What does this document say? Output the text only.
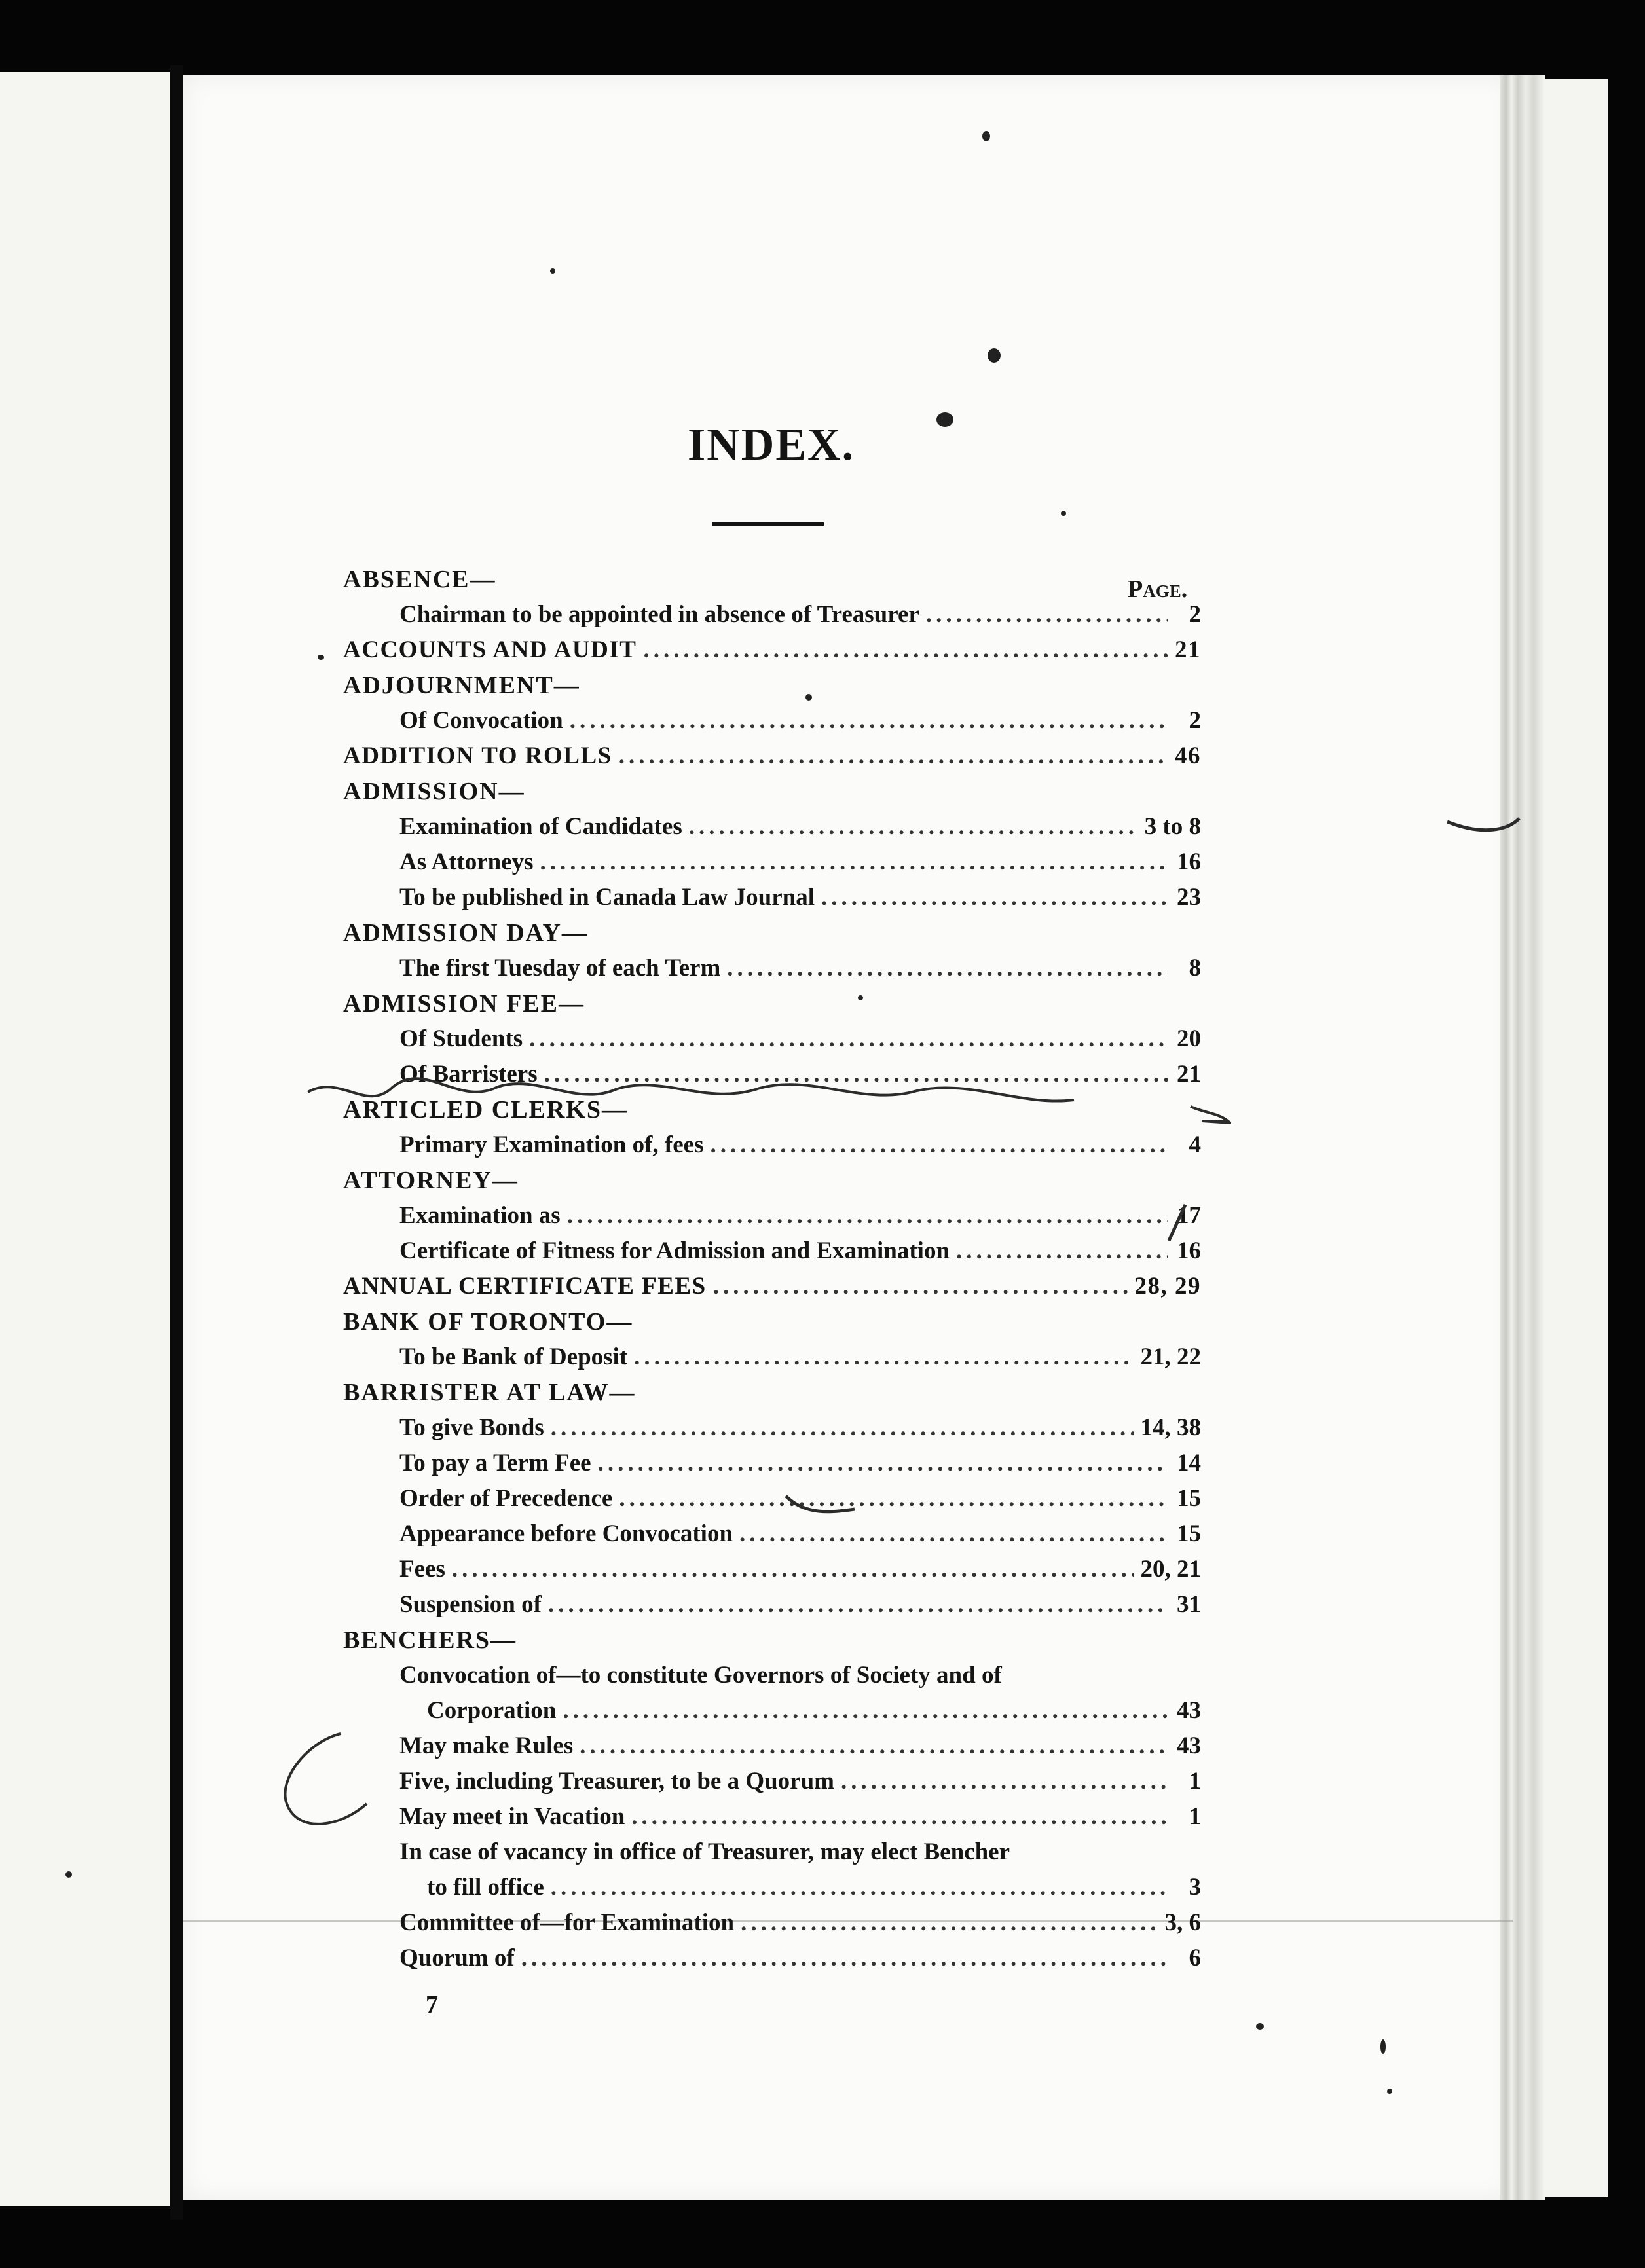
INDEX.
Page.
ABSENCE—
Chairman to be appointed in absence of Treasurer .....	2
ACCOUNTS AND AUDIT .....	21
ADJOURNMENT—
Of Convocation .....	2
ADDITION TO ROLLS .....	46
ADMISSION—
Examination of Candidates .....	3 to 8
As Attorneys .....	16
To be published in Canada Law Journal .....	23
ADMISSION DAY—
The first Tuesday of each Term .....	8
ADMISSION FEE—
Of Students .....	20
Of Barristers .....	21
ARTICLED CLERKS—
Primary Examination of, fees .....	4
ATTORNEY—
Examination as .....	17
Certificate of Fitness for Admission and Examination .....	16
ANNUAL CERTIFICATE FEES .....	28, 29
BANK OF TORONTO—
To be Bank of Deposit .....	21, 22
BARRISTER AT LAW—
To give Bonds .....	14, 38
To pay a Term Fee .....	14
Order of Precedence .....	15
Appearance before Convocation .....	15
Fees .....	20, 21
Suspension of .....	31
BENCHERS—
Convocation of—to constitute Governors of Society and of
Corporation .....	43
May make Rules .....	43
Five, including Treasurer, to be a Quorum .....	1
May meet in Vacation .....	1
In case of vacancy in office of Treasurer, may elect Bencher
to fill office .....	3
Committee of—for Examination .....	3, 6
Quorum of .....	6
7
